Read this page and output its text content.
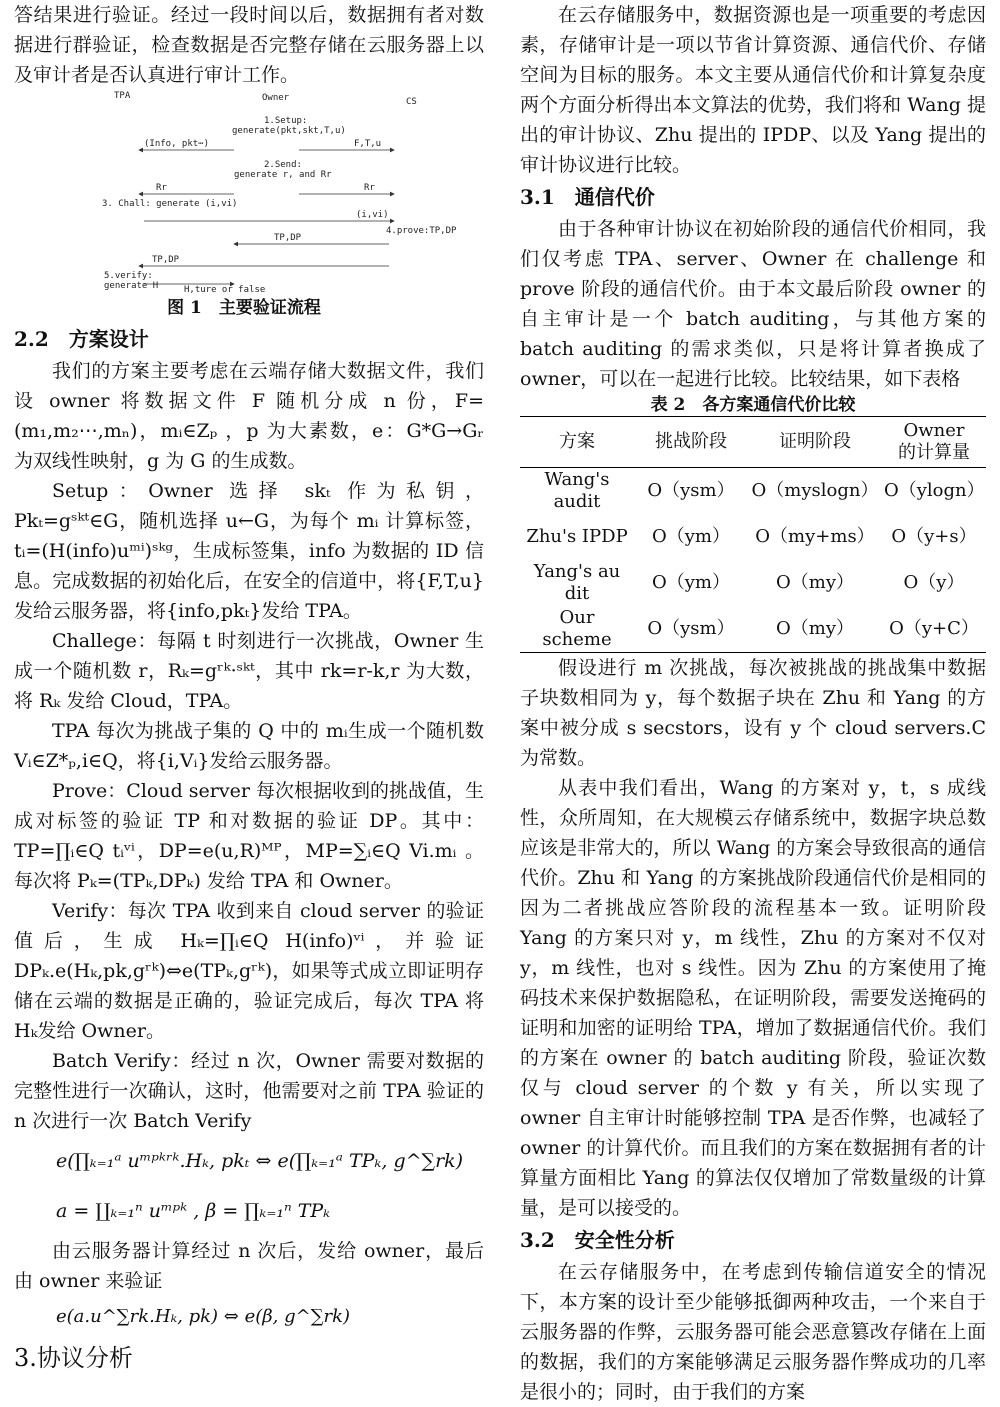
答结果进行验证。经过一段时间以后，数据拥有者对数据进行群验证，检查数据是否完整存储在云服务器上以及审计者是否认真进行审计工作。

TPA	Owner	CS
1.Setup:
generate(pkt,skt,T,u)
(Info, pkt⋯)	F,T,u
2.Send:
generate r, and Rr
Rr	Rr
3. Chall: generate (i,vi)
(i,vi)
4.prove:TP,DP
TP,DP
TP,DP
5.verify:
generate H	H,ture or false
图 1　主要验证流程
2.2　方案设计

我们的方案主要考虑在云端存储大数据文件，我们设 owner 将数据文件 F 随机分成 n 份，F=(m₁,m₂⋯,mₙ)，mᵢ∈Zₚ ，p 为大素数，e：G*G→Gᵣ 为双线性映射，g 为 G 的生成数。

Setup：Owner 选择 skₜ 作为私钥，Pkₜ=gˢᵏᵗ∈G，随机选择 u←G，为每个 mᵢ 计算标签，tᵢ=(H(info)uᵐⁱ)ˢᵏᵍ，生成标签集，info 为数据的 ID 信息。完成数据的初始化后，在安全的信道中，将{F,T,u}发给云服务器，将{info,pkₜ}发给 TPA。

Challege：每隔 t 时刻进行一次挑战，Owner 生成一个随机数 r，Rₖ=gʳᵏ·ˢᵏᵗ，其中 rk=r-k,r 为大数，将 Rₖ 发给 Cloud，TPA。

TPA 每次为挑战子集的 Q 中的 mᵢ生成一个随机数 Vᵢ∈Z*ₚ,i∈Q，将{i,Vᵢ}发给云服务器。

Prove：Cloud server 每次根据收到的挑战值，生成对标签的验证 TP 和对数据的验证 DP。其中：TP=∏ᵢ∈Q tᵢᵛⁱ，DP=e(u,R)ᴹᴾ，MP=∑ᵢ∈Q Vi.mᵢ 。每次将 Pₖ=(TPₖ,DPₖ) 发给 TPA 和 Owner。

Verify：每次 TPA 收到来自 cloud server 的验证值后，生成 Hₖ=∏ᵢ∈Q H(info)ᵛⁱ，并验证 DPₖ.e(Hₖ,pk,gʳᵏ)⇔e(TPₖ,gʳᵏ)，如果等式成立即证明存储在云端的数据是正确的，验证完成后，每次 TPA 将 Hₖ发给 Owner。

Batch Verify：经过 n 次，Owner 需要对数据的完整性进行一次确认，这时，他需要对之前 TPA 验证的 n 次进行一次 Batch Verify

e(∏ₖ₌₁ᵃ uᵐᵖᵏʳᵏ.Hₖ, pkₜ ⇔ e(∏ₖ₌₁ᵃ TPₖ, g^∑rk)
a = ∐ₖ₌₁ⁿ uᵐᵖᵏ , β = ∏ₖ₌₁ⁿ TPₖ

由云服务器计算经过 n 次后，发给 owner，最后由 owner 来验证

e(a.u^∑rk.Hₖ, pk) ⇔ e(β, g^∑rk)
3.协议分析

在云存储服务中，数据资源也是一项重要的考虑因素，存储审计是一项以节省计算资源、通信代价、存储空间为目标的服务。本文主要从通信代价和计算复杂度两个方面分析得出本文算法的优势，我们将和 Wang 提出的审计协议、Zhu 提出的 IPDP、以及 Yang 提出的审计协议进行比较。

3.1　通信代价

由于各种审计协议在初始阶段的通信代价相同，我们仅考虑 TPA、server、Owner 在 challenge 和 prove 阶段的通信代价。由于本文最后阶段 owner 的自主审计是一个 batch auditing，与其他方案的 batch auditing 的需求类似，只是将计算者换成了 owner，可以在一起进行比较。比较结果，如下表格

表 2　各方案通信代价比较
方案	挑战阶段	证明阶段	Owner
的计算量
Wang's
audit	O（ysm）	O（myslogn）	O（ylogn）
Zhu's IPDP	O（ym）	O（my+ms）	O（y+s）
Yang's au
dit	O（ym）	O（my）	O（y）
Our
scheme	O（ysm）	O（my）	O（y+C）

假设进行 m 次挑战，每次被挑战的挑战集中数据子块数相同为 y，每个数据子块在 Zhu 和 Yang 的方案中被分成 s secstors，设有 y 个 cloud servers.C 为常数。

从表中我们看出，Wang 的方案对 y，t，s 成线性，众所周知，在大规模云存储系统中，数据字块总数应该是非常大的，所以 Wang 的方案会导致很高的通信代价。Zhu 和 Yang 的方案挑战阶段通信代价是相同的因为二者挑战应答阶段的流程基本一致。证明阶段 Yang 的方案只对 y，m 线性，Zhu 的方案对不仅对 y，m 线性，也对 s 线性。因为 Zhu 的方案使用了掩码技术来保护数据隐私，在证明阶段，需要发送掩码的证明和加密的证明给 TPA，增加了数据通信代价。我们的方案在 owner 的 batch auditing 阶段，验证次数仅与 cloud server 的个数 y 有关，所以实现了 owner 自主审计时能够控制 TPA 是否作弊，也减轻了 owner 的计算代价。而且我们的方案在数据拥有者的计算量方面相比 Yang 的算法仅仅增加了常数量级的计算量，是可以接受的。

3.2　安全性分析

在云存储服务中，在考虑到传输信道安全的情况下，本方案的设计至少能够抵御两种攻击，一个来自于云服务器的作弊，云服务器可能会恶意篡改存储在上面的数据，我们的方案能够满足云服务器作弊成功的几率是很小的；同时，由于我们的方案
